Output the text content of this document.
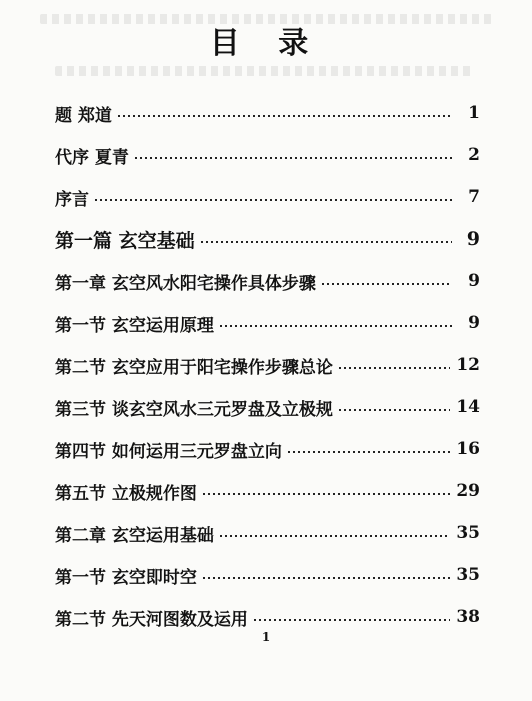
目 录
题 郑道	1
代序 夏青	2
序言	7
第一篇 玄空基础	9
第一章 玄空风水阳宅操作具体步骤	9
第一节 玄空运用原理	9
第二节 玄空应用于阳宅操作步骤总论	12
第三节 谈玄空风水三元罗盘及立极规	14
第四节 如何运用三元罗盘立向	16
第五节 立极规作图	29
第二章 玄空运用基础	35
第一节 玄空即时空	35
第二节 先天河图数及运用	38
1
